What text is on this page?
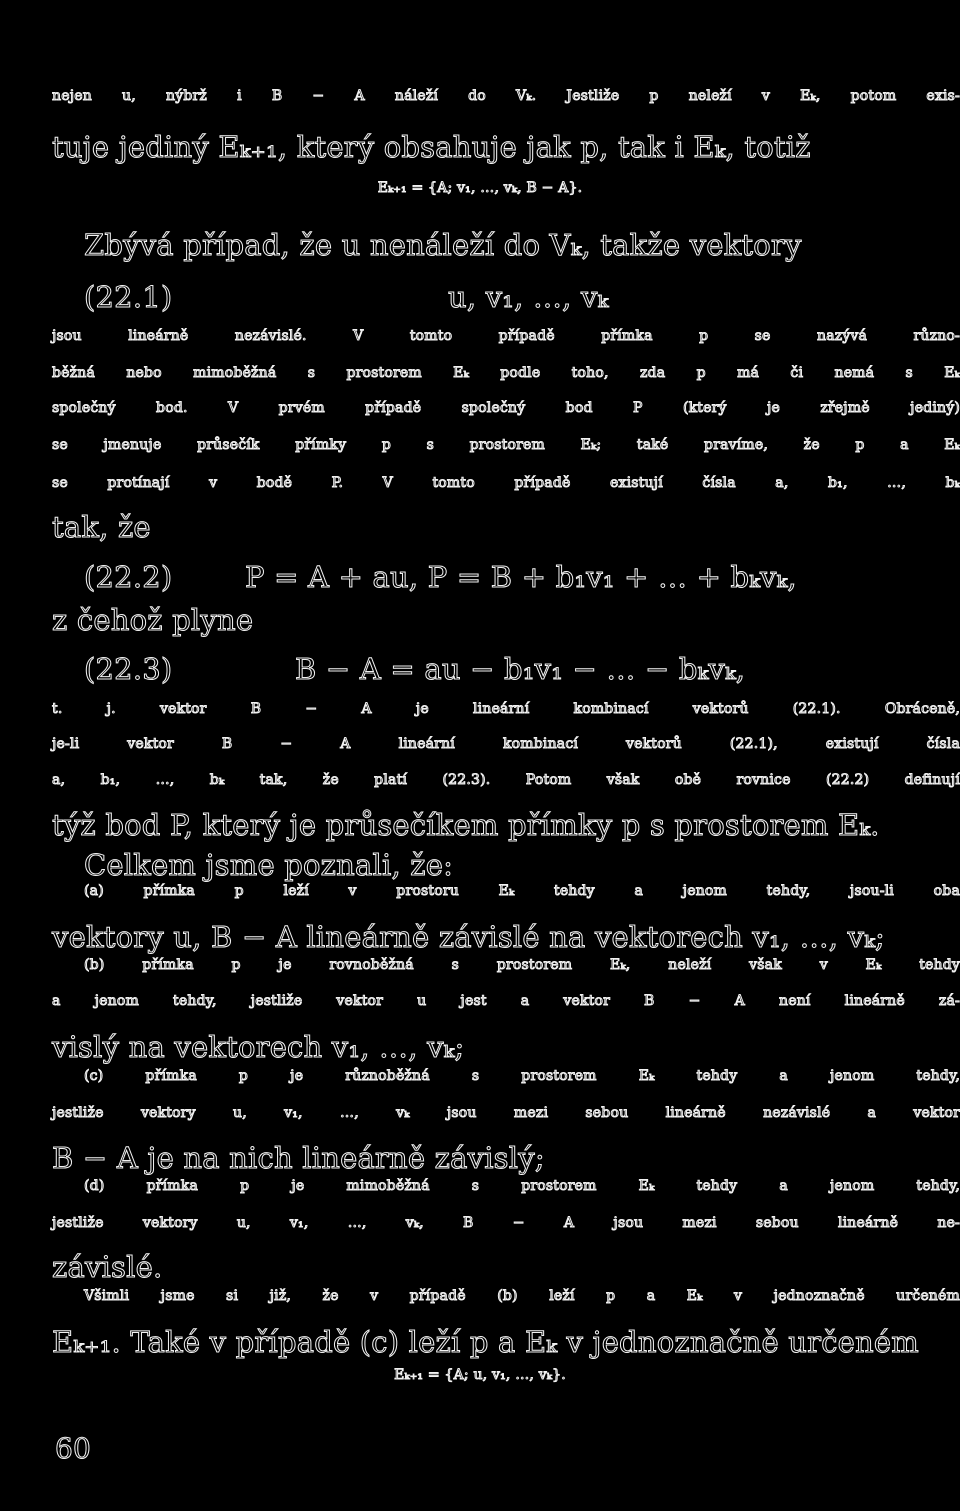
nejen u, nýbrž i B − A náleží do Vₖ. Jestliže p neleží v Eₖ, potom exis-
tuje jediný Eₖ₊₁, který obsahuje jak p, tak i Eₖ, totiž
Eₖ₊₁ = {A; v₁, …, vₖ, B − A}.
Zbývá případ, že u nenáleží do Vₖ, takže vektory
(22.1)	u, v₁, …, vₖ
jsou lineárně nezávislé. V tomto případě přímka p se nazývá různo-
běžná nebo mimoběžná s prostorem Eₖ podle toho, zda p má či nemá s Eₖ
společný bod. V prvém případě společný bod P (který je zřejmě jediný)
se jmenuje průsečík přímky p s prostorem Eₖ; také pravíme, že p a Eₖ
se protínají v bodě P. V tomto případě existují čísla a, b₁, …, bₖ
tak, že
(22.2)	P = A + au, P = B + b₁v₁ + … + bₖvₖ,
z čehož plyne
(22.3)	B − A = au − b₁v₁ − … − bₖvₖ,
t. j. vektor B − A je lineární kombinací vektorů (22.1). Obráceně,
je-li vektor B − A lineární kombinací vektorů (22.1), existují čísla
a, b₁, …, bₖ tak, že platí (22.3). Potom však obě rovnice (22.2) definují
týž bod P, který je průsečíkem přímky p s prostorem Eₖ.
Celkem jsme poznali, že:
(a) přímka p leží v prostoru Eₖ tehdy a jenom tehdy, jsou-li oba
vektory u, B − A lineárně závislé na vektorech v₁, …, vₖ;
(b) přímka p je rovnoběžná s prostorem Eₖ, neleží však v Eₖ tehdy
a jenom tehdy, jestliže vektor u jest a vektor B − A není lineárně zá-
vislý na vektorech v₁, …, vₖ;
(c) přímka p je různoběžná s prostorem Eₖ tehdy a jenom tehdy,
jestliže vektory u, v₁, …, vₖ jsou mezi sebou lineárně nezávislé a vektor
B − A je na nich lineárně závislý;
(d) přímka p je mimoběžná s prostorem Eₖ tehdy a jenom tehdy,
jestliže vektory u, v₁, …, vₖ, B − A jsou mezi sebou lineárně ne-
závislé.
Všimli jsme si již, že v případě (b) leží p a Eₖ v jednoznačně určeném
Eₖ₊₁. Také v případě (c) leží p a Eₖ v jednoznačně určeném
Eₖ₊₁ = {A; u, v₁, …, vₖ}.
60
